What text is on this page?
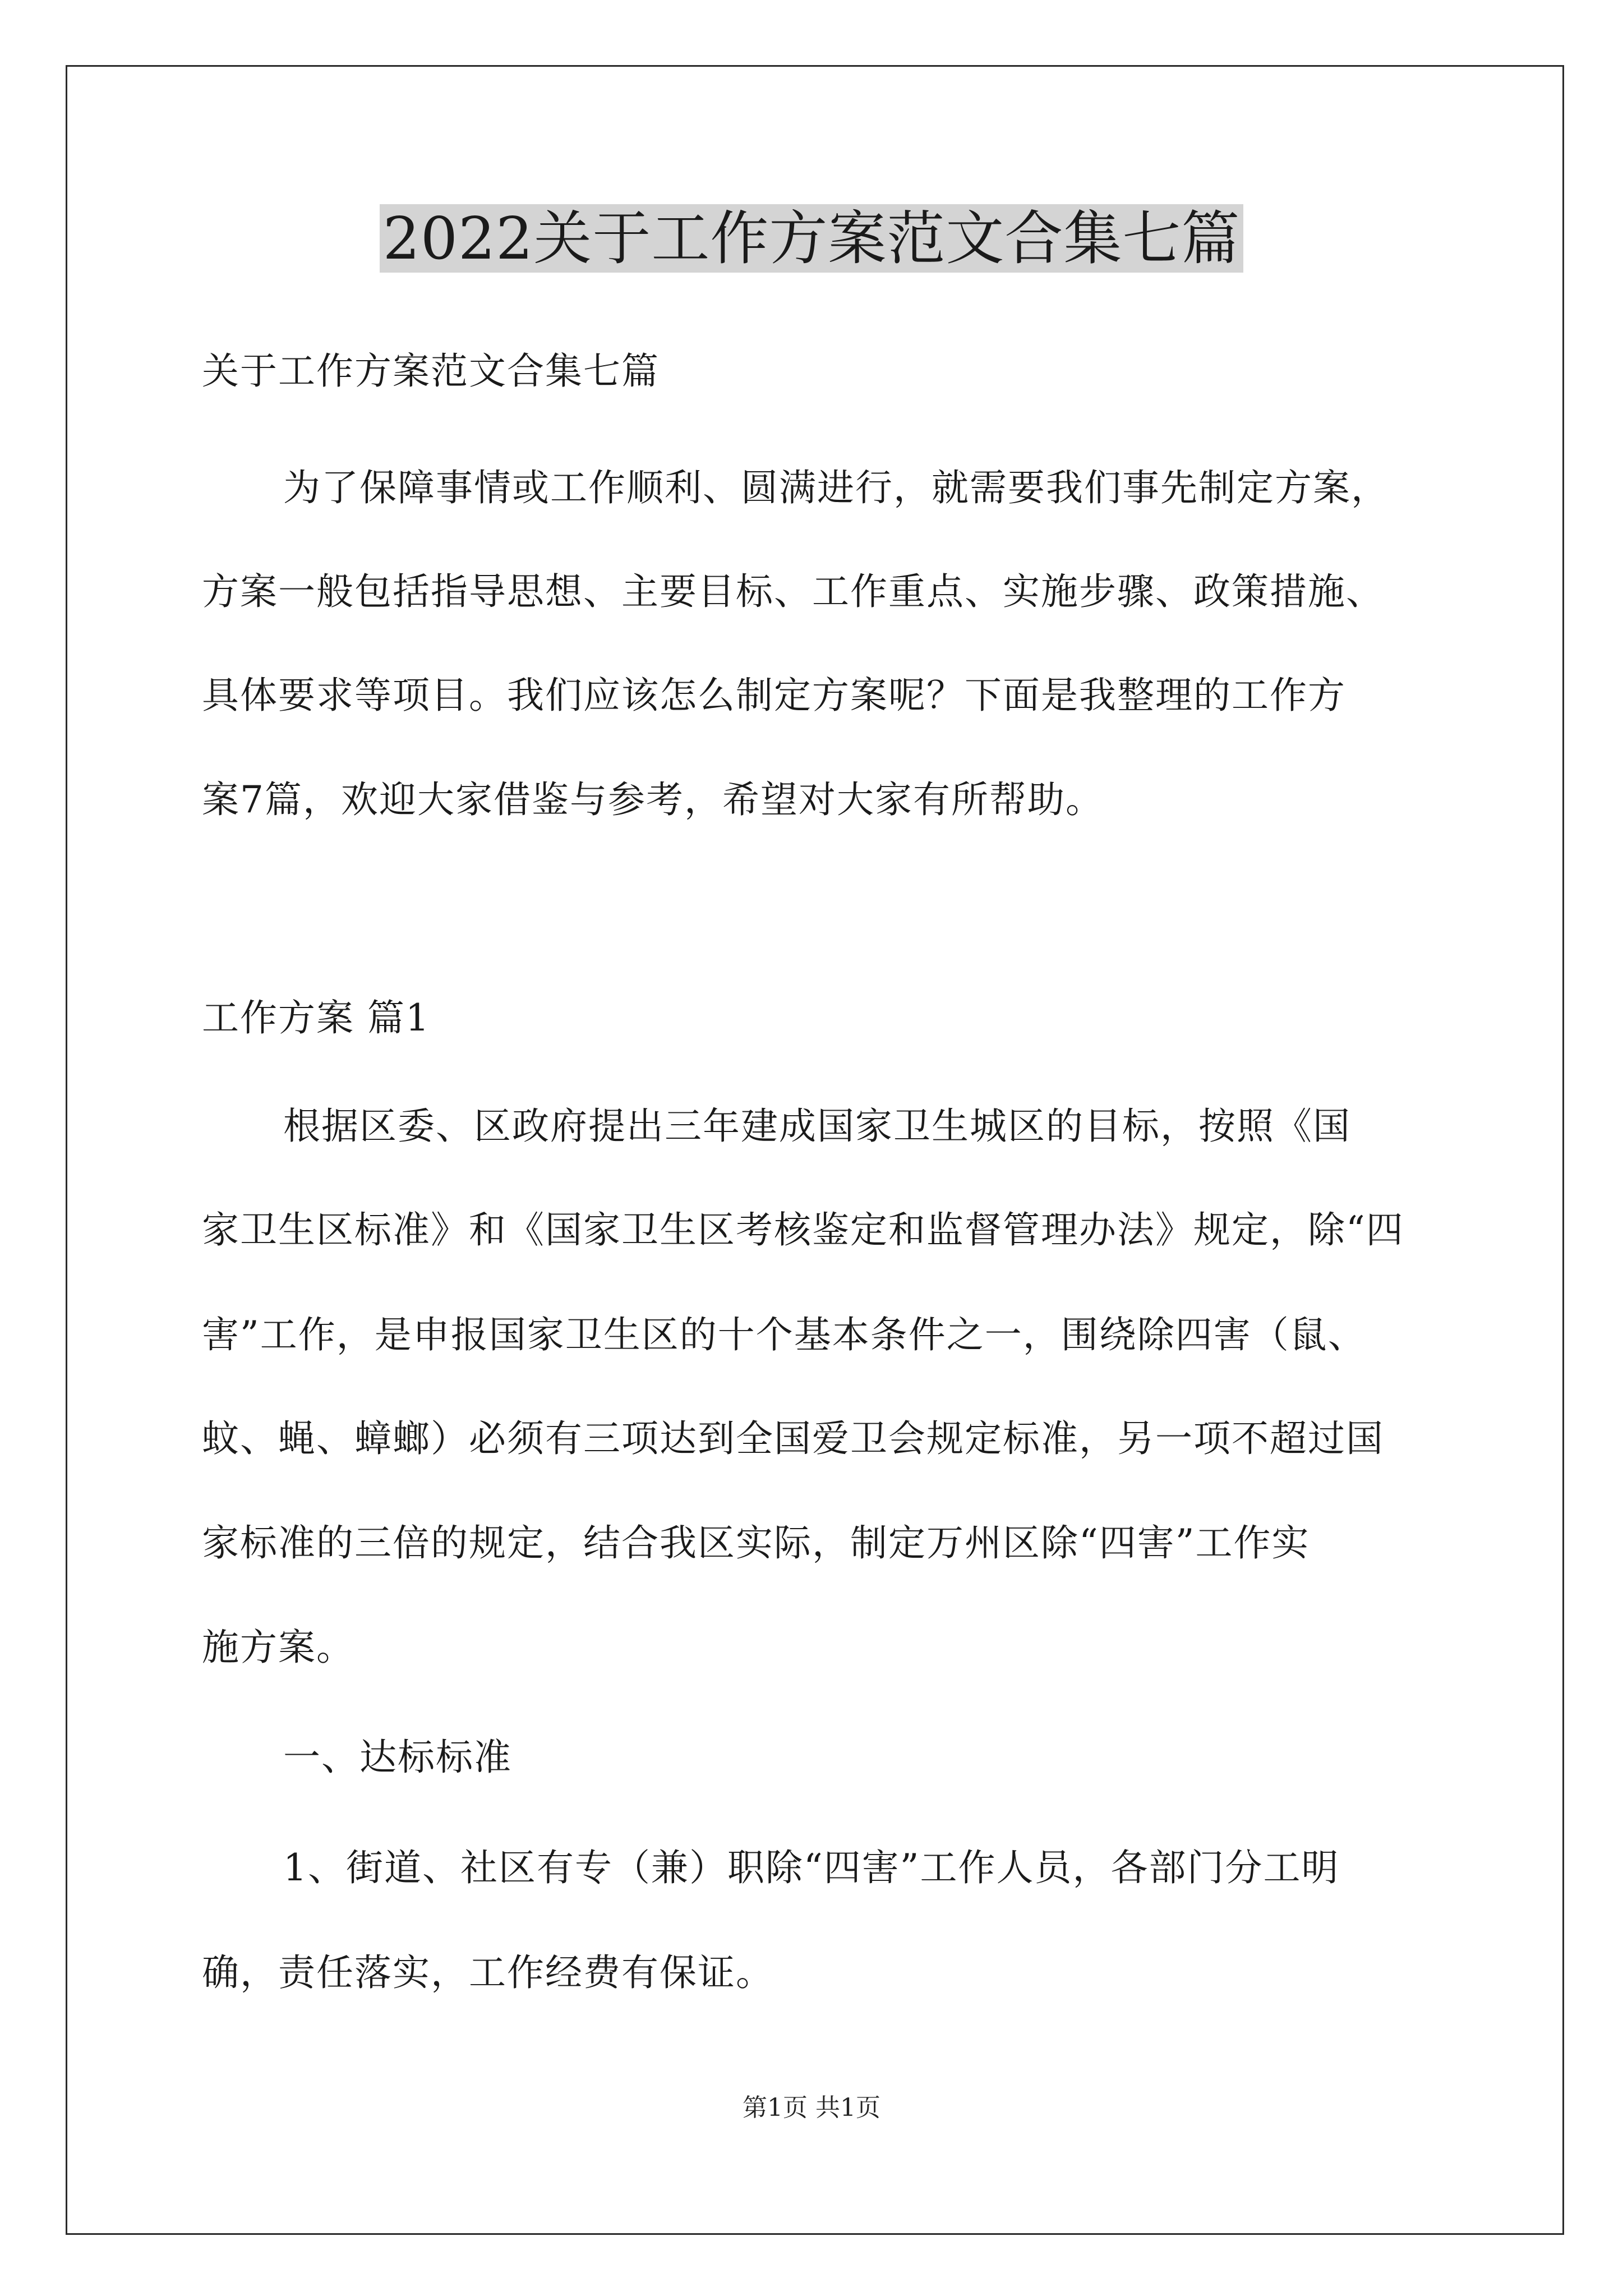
2022关于工作方案范文合集七篇
关于工作方案范文合集七篇
为了保障事情或工作顺利、圆满进行，就需要我们事先制定方案，
方案一般包括指导思想、主要目标、工作重点、实施步骤、政策措施、
具体要求等项目。我们应该怎么制定方案呢？下面是我整理的工作方
案7篇，欢迎大家借鉴与参考，希望对大家有所帮助。
工作方案 篇1
根据区委、区政府提出三年建成国家卫生城区的目标，按照《国
家卫生区标准》和《国家卫生区考核鉴定和监督管理办法》规定，除“四
害”工作，是申报国家卫生区的十个基本条件之一，围绕除四害（鼠、
蚊、蝇、蟑螂）必须有三项达到全国爱卫会规定标准，另一项不超过国
家标准的三倍的规定，结合我区实际，制定万州区除“四害”工作实
施方案。
一、达标标准
1、街道、社区有专（兼）职除“四害”工作人员，各部门分工明
确，责任落实，工作经费有保证。
第1页 共1页
